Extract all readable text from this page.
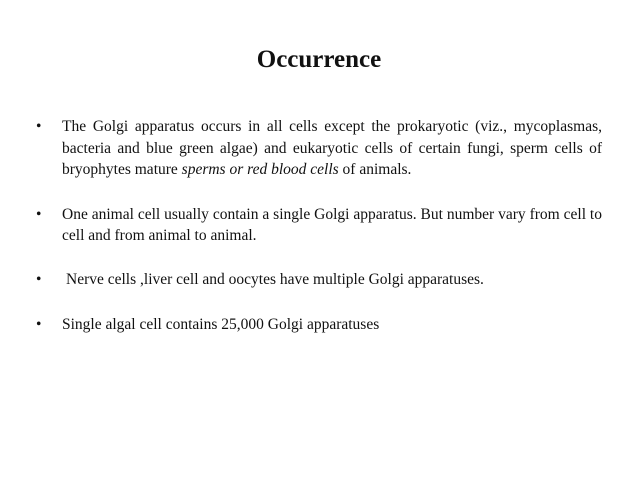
Occurrence
•	The Golgi apparatus occurs in all cells except the prokaryotic (viz., mycoplasmas, bacteria and blue green algae) and eukaryotic cells of certain fungi, sperm cells of bryophytes mature sperms or red blood cells of animals.
•	One animal cell usually contain a single Golgi apparatus. But number vary from cell to cell and from animal to animal.
•	Nerve cells ,liver cell and oocytes have multiple Golgi apparatuses.
•	Single algal cell contains 25,000 Golgi apparatuses
